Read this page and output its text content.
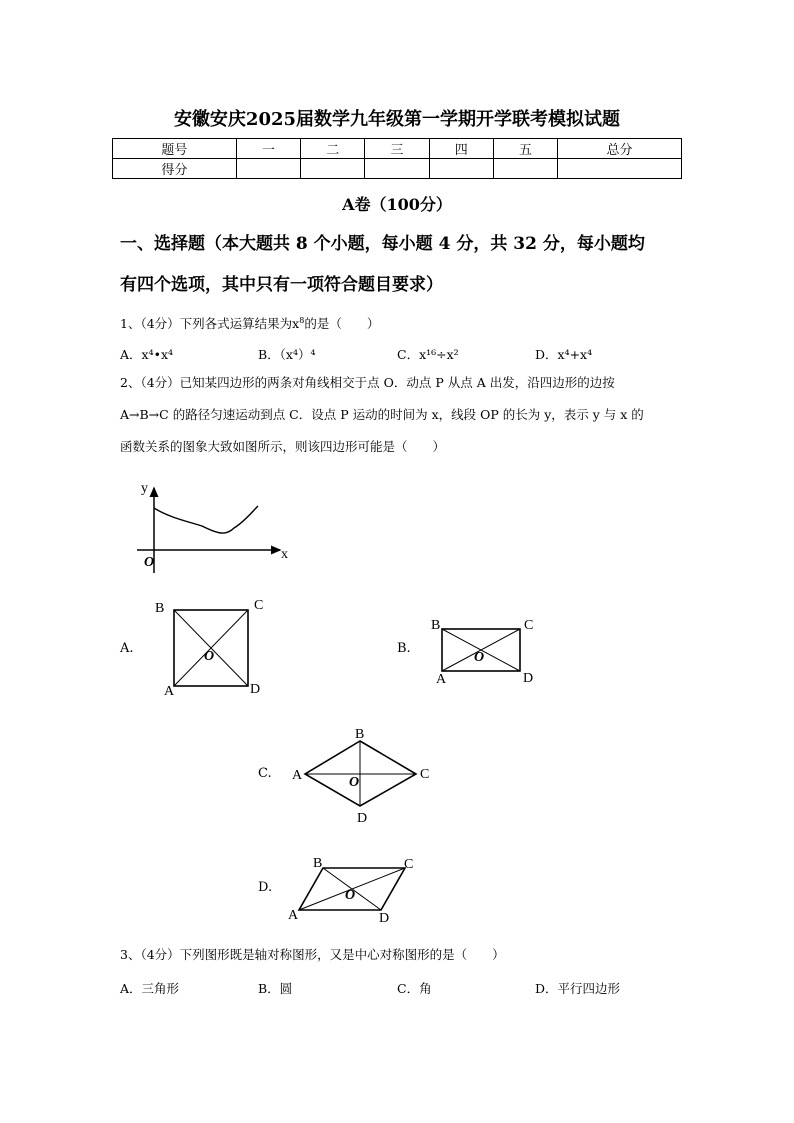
安徽安庆2025届数学九年级第一学期开学联考模拟试题
题号	一	二	三	四	五	总分
得分						
A卷（100分）
一、选择题（本大题共 8 个小题，每小题 4 分，共 32 分，每小题均
有四个选项，其中只有一项符合题目要求）
1、（4分）下列各式运算结果为$x^8$的是（　　）
A．x⁴•x⁴	B．（x⁴）⁴	C．x¹⁶÷x²	D．x⁴+x⁴
2、（4分）已知某四边形的两条对角线相交于点 O．动点 P 从点 A 出发，沿四边形的边按
A→B→C 的路径匀速运动到点 C．设点 P 运动的时间为 x，线段 OP 的长为 y，表示 y 与 x 的
函数关系的图象大致如图所示，则该四边形可能是（　　）
y
x
O
A.
B	C
A	D
O
B.
B	C
A	D
O
C.
B
C
A
D
O
D.
B	C
A	D
O
3、（4分）下列图形既是轴对称图形，又是中心对称图形的是（　　）
A．三角形	B．圆	C．角	D．平行四边形
